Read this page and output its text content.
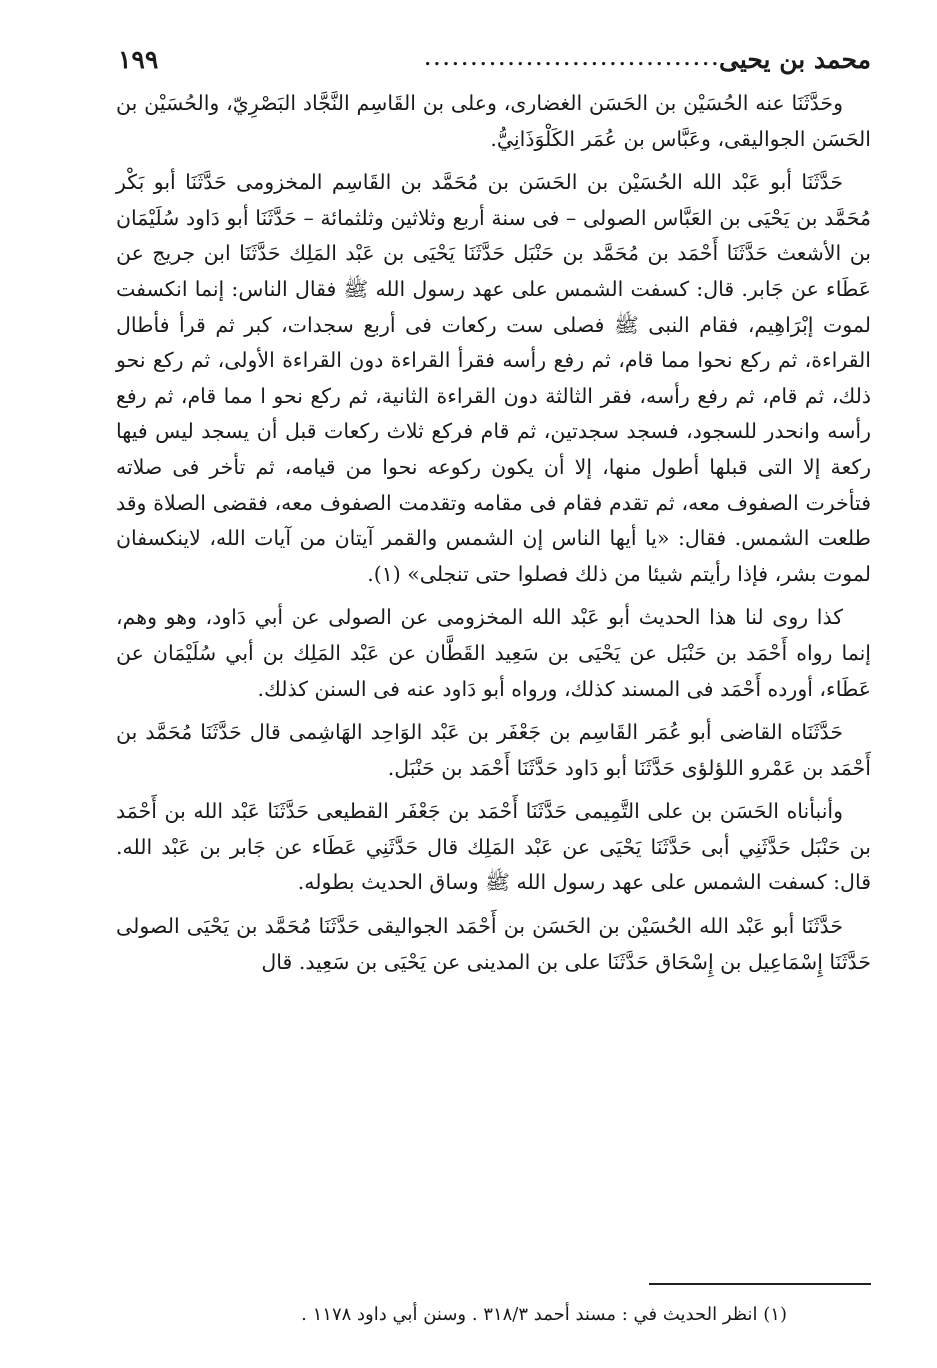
محمد بن يحيى
................................
١٩٩

وحَدَّثَنَا عنه الحُسَيْن بن الحَسَن الغضارى، وعلى بن القَاسِم النَّجَّاد البَصْرِيّ، والحُسَيْن بن الحَسَن الجواليقى، وعَبَّاس بن عُمَر الكَلْوَذَانِيُّ.

حَدَّثَنَا أبو عَبْد الله الحُسَيْن بن الحَسَن بن مُحَمَّد بن القَاسِم المخزومى حَدَّثَنَا أبو بَكْر مُحَمَّد بن يَحْيَى بن العَبَّاس الصولى – فى سنة أربع وثلاثين وثلثمائة – حَدَّثَنَا أبو دَاود سُلَيْمَان بن الأشعث حَدَّثَنَا أَحْمَد بن مُحَمَّد بن حَنْبَل حَدَّثَنَا يَحْيَى بن عَبْد المَلِك حَدَّثَنَا ابن جريج عن عَطَاء عن جَابر. قال: كسفت الشمس على عهد رسول الله ﷺ فقال الناس: إنما انكسفت لموت إبْرَاهِيم، فقام النبى ﷺ فصلى ست ركعات فى أربع سجدات، كبر ثم قرأ فأطال القراءة، ثم ركع نحوا مما قام، ثم رفع رأسه فقرأ القراءة دون القراءة الأولى، ثم ركع نحو ذلك، ثم قام، ثم رفع رأسه، فقر الثالثة دون القراءة الثانية، ثم ركع نحو ا مما قام، ثم رفع رأسه وانحدر للسجود، فسجد سجدتين، ثم قام فركع ثلاث ركعات قبل أن يسجد ليس فيها ركعة إلا التى قبلها أطول منها، إلا أن يكون ركوعه نحوا من قيامه، ثم تأخر فى صلاته فتأخرت الصفوف معه، ثم تقدم فقام فى مقامه وتقدمت الصفوف معه، فقضى الصلاة وقد طلعت الشمس. فقال: «يا أيها الناس إن الشمس والقمر آيتان من آيات الله، لاينكسفان لموت بشر، فإذا رأيتم شيئا من ذلك فصلوا حتى تنجلى» (١).

كذا روى لنا هذا الحديث أبو عَبْد الله المخزومى عن الصولى عن أبي دَاود، وهو وهم، إنما رواه أَحْمَد بن حَنْبَل عن يَحْيَى بن سَعِيد القَطَّان عن عَبْد المَلِك بن أبي سُلَيْمَان عن عَطَاء، أورده أَحْمَد فى المسند كذلك، ورواه أبو دَاود عنه فى السنن كذلك.

حَدَّثَنَاه القاضى أبو عُمَر القَاسِم بن جَعْفَر بن عَبْد الوَاحِد الهَاشِمى قال حَدَّثَنَا مُحَمَّد بن أَحْمَد بن عَمْرو اللؤلؤى حَدَّثَنَا أبو دَاود حَدَّثَنَا أَحْمَد بن حَنْبَل.

وأنبأناه الحَسَن بن على التَّمِيمى حَدَّثَنَا أَحْمَد بن جَعْفَر القطيعى حَدَّثَنَا عَبْد الله بن أَحْمَد بن حَنْبَل حَدَّثَنِي أبى حَدَّثَنَا يَحْيَى عن عَبْد المَلِك قال حَدَّثَنِي عَطَاء عن جَابر بن عَبْد الله. قال: كسفت الشمس على عهد رسول الله ﷺ وساق الحديث بطوله.

حَدَّثَنَا أبو عَبْد الله الحُسَيْن بن الحَسَن بن أَحْمَد الجواليقى حَدَّثَنَا مُحَمَّد بن يَحْيَى الصولى حَدَّثَنَا إِسْمَاعِيل بن إِسْحَاق حَدَّثَنَا على بن المدينى عن يَحْيَى بن سَعِيد. قال

(١) انظر الحديث في : مسند أحمد ٣١٨/٣ . وسنن أبي داود ١١٧٨ .
